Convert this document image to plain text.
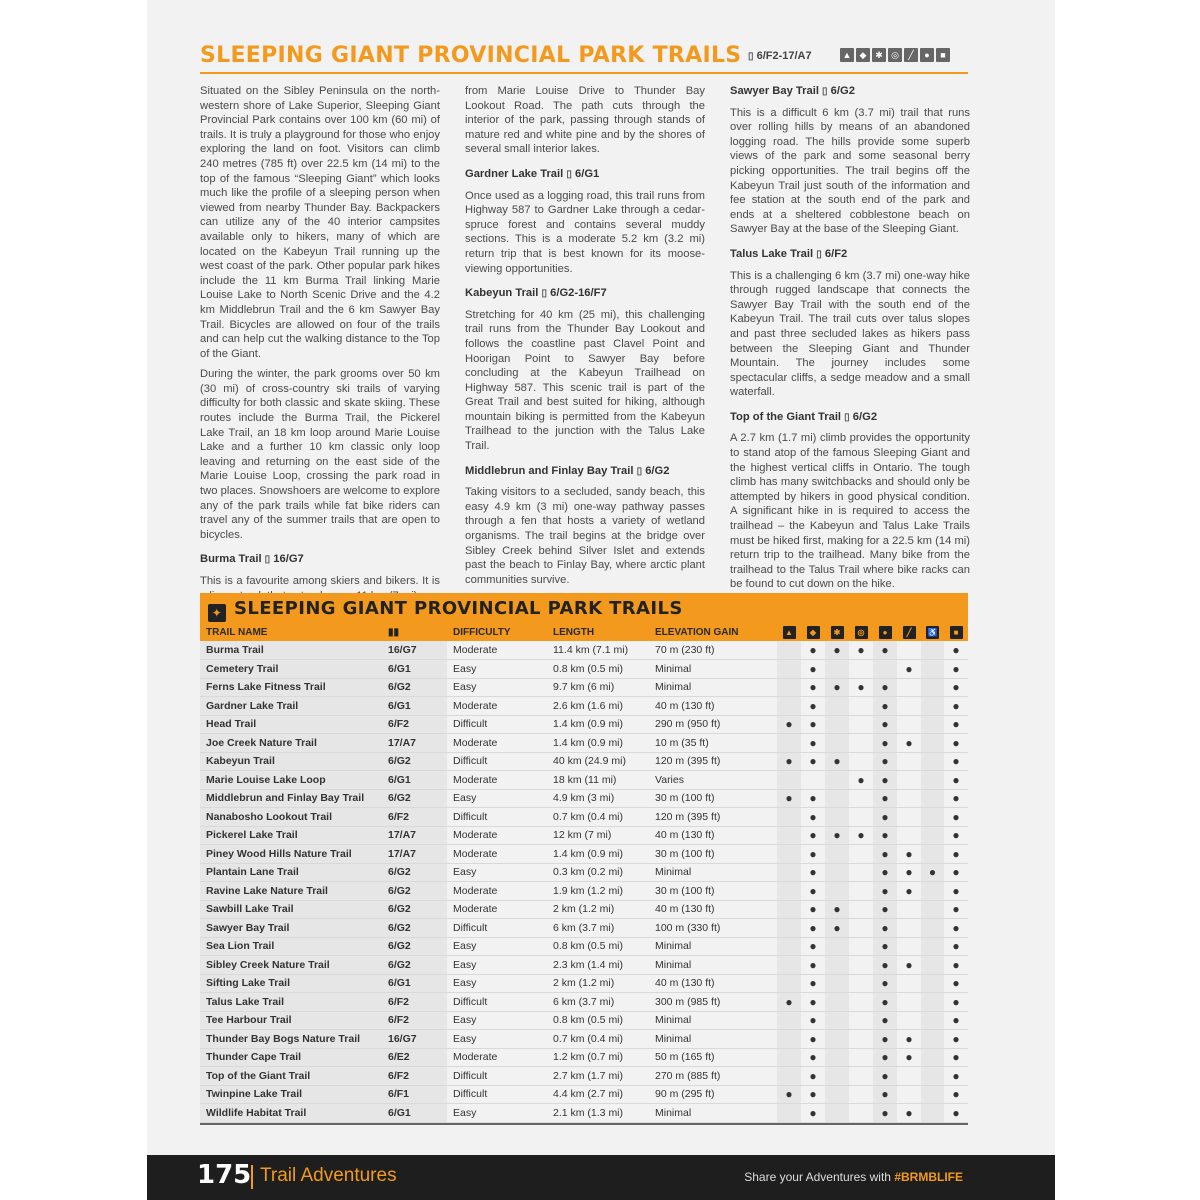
SLEEPING GIANT PROVINCIAL PARK TRAILS ▯ 6/F2-17/A7	▲ ◆ ✱ ◎	╱	●	■

Situated on the Sibley Peninsula on the north-western shore of Lake Superior, Sleeping Giant Provincial Park contains over 100 km (60 mi) of trails. It is truly a playground for those who enjoy exploring the land on foot. Visitors can climb 240 metres (785 ft) over 22.5 km (14 mi) to the top of the famous “Sleeping Giant” which looks much like the profile of a sleeping person when viewed from nearby Thunder Bay. Backpackers can utilize any of the 40 interior campsites available only to hikers, many of which are located on the Kabeyun Trail running up the west coast of the park. Other popular park hikes include the 11 km Burma Trail linking Marie Louise Lake to North Scenic Drive and the 4.2 km Middlebrun Trail and the 6 km Sawyer Bay Trail. Bicycles are allowed on four of the trails and can help cut the walking distance to the Top of the Giant.

During the winter, the park grooms over 50 km (30 mi) of cross-country ski trails of varying difficulty for both classic and skate skiing. These routes include the Burma Trail, the Pickerel Lake Trail, an 18 km loop around Marie Louise Lake and a further 10 km classic only loop leaving and returning on the east side of the Marie Louise Loop, crossing the park road in two places. Snowshoers are welcome to explore any of the park trails while fat bike riders can travel any of the summer trails that are open to bicycles.

Burma Trail ▯ 16/G7

This is a favourite among skiers and bikers. It is

from Marie Louise Drive to Thunder Bay Lookout Road. The path cuts through the interior of the park, passing through stands of mature red and white pine and by the shores of several small interior lakes.

Gardner Lake Trail ▯ 6/G1

Once used as a logging road, this trail runs from Highway 587 to Gardner Lake through a cedar-spruce forest and contains several muddy sections. This is a moderate 5.2 km (3.2 mi) return trip that is best known for its moose-viewing opportunities.

Kabeyun Trail ▯ 6/G2-16/F7

Stretching for 40 km (25 mi), this challenging trail runs from the Thunder Bay Lookout and follows the coastline past Clavel Point and Hoorigan Point to Sawyer Bay before concluding at the Kabeyun Trailhead on Highway 587. This scenic trail is part of the Great Trail and best suited for hiking, although mountain biking is permitted from the Kabeyun Trailhead to the junction with the Talus Lake Trail.

Middlebrun and Finlay Bay Trail ▯ 6/G2

Taking visitors to a secluded, sandy beach, this easy 4.9 km (3 mi) one-way pathway passes through a fen that hosts a variety of wetland organisms. The trail begins at the bridge over Sibley Creek behind Silver Islet and extends past the beach to Finlay Bay, where arctic plant communities survive.

Sawyer Bay Trail ▯ 6/G2

This is a difficult 6 km (3.7 mi) trail that runs over rolling hills by means of an abandoned logging road. The hills provide some superb views of the park and some seasonal berry picking opportunities. The trail begins off the Kabeyun Trail just south of the information and fee station at the south end of the park and ends at a sheltered cobblestone beach on Sawyer Bay at the base of the Sleeping Giant.

Talus Lake Trail ▯ 6/F2

This is a challenging 6 km (3.7 mi) one-way hike through rugged landscape that connects the Sawyer Bay Trail with the south end of the Kabeyun Trail. The trail cuts over talus slopes and past three secluded lakes as hikers pass between the Sleeping Giant and Thunder Mountain. The journey includes some spectacular cliffs, a sedge meadow and a small waterfall.

Top of the Giant Trail ▯ 6/G2

A 2.7 km (1.7 mi) climb provides the opportunity to stand atop of the famous Sleeping Giant and the highest vertical cliffs in Ontario. The tough climb has many switchbacks and should only be attempted by hikers in good physical condition. A significant hike in is required to access the trailhead – the Kabeyun and Talus Lake Trails must be hiked first, making for a 22.5 km (14 mi) return trip to the trailhead. Many bike from the trailhead to the Talus Trail where bike racks can be found to cut down on the hike.

✦ SLEEPING GIANT PROVINCIAL PARK TRAILS
TRAIL NAME	▮▮	DIFFICULTY	LENGTH	ELEVATION GAIN	▲	◆	✱	◎	●	╱	♿	■
Burma Trail	16/G7	Moderate	11.4 km (7.1 mi)	70 m (230 ft)		●	●	●	●			●
Cemetery Trail	6/G1	Easy	0.8 km (0.5 mi)	Minimal		●				●		●
Ferns Lake Fitness Trail	6/G2	Easy	9.7 km (6 mi)	Minimal		●	●	●	●			●
Gardner Lake Trail	6/G1	Moderate	2.6 km (1.6 mi)	40 m (130 ft)		●			●			●
Head Trail	6/F2	Difficult	1.4 km (0.9 mi)	290 m (950 ft)	●	●			●			●
Joe Creek Nature Trail	17/A7	Moderate	1.4 km (0.9 mi)	10 m (35 ft)		●			●	●		●
Kabeyun Trail	6/G2	Difficult	40 km (24.9 mi)	120 m (395 ft)	●	●	●		●			●
Marie Louise Lake Loop	6/G1	Moderate	18 km (11 mi)	Varies				●	●			●
Middlebrun and Finlay Bay Trail	6/G2	Easy	4.9 km (3 mi)	30 m (100 ft)	●	●			●			●
Nanabosho Lookout Trail	6/F2	Difficult	0.7 km (0.4 mi)	120 m (395 ft)		●			●			●
Pickerel Lake Trail	17/A7	Moderate	12 km (7 mi)	40 m (130 ft)		●	●	●	●			●
Piney Wood Hills Nature Trail	17/A7	Moderate	1.4 km (0.9 mi)	30 m (100 ft)		●			●	●		●
Plantain Lane Trail	6/G2	Easy	0.3 km (0.2 mi)	Minimal		●			●	●	●	●
Ravine Lake Nature Trail	6/G2	Moderate	1.9 km (1.2 mi)	30 m (100 ft)		●			●	●		●
Sawbill Lake Trail	6/G2	Moderate	2 km (1.2 mi)	40 m (130 ft)		●	●		●			●
Sawyer Bay Trail	6/G2	Difficult	6 km (3.7 mi)	100 m (330 ft)		●	●		●			●
Sea Lion Trail	6/G2	Easy	0.8 km (0.5 mi)	Minimal		●			●			●
Sibley Creek Nature Trail	6/G2	Easy	2.3 km (1.4 mi)	Minimal		●			●	●		●
Sifting Lake Trail	6/G1	Easy	2 km (1.2 mi)	40 m (130 ft)		●			●			●
Talus Lake Trail	6/F2	Difficult	6 km (3.7 mi)	300 m (985 ft)	●	●			●			●
Tee Harbour Trail	6/F2	Easy	0.8 km (0.5 mi)	Minimal		●			●			●
Thunder Bay Bogs Nature Trail	16/G7	Easy	0.7 km (0.4 mi)	Minimal		●			●	●		●
Thunder Cape Trail	6/E2	Moderate	1.2 km (0.7 mi)	50 m (165 ft)		●			●	●		●
Top of the Giant Trail	6/F2	Difficult	2.7 km (1.7 mi)	270 m (885 ft)		●			●			●
Twinpine Lake Trail	6/F1	Difficult	4.4 km (2.7 mi)	90 m (295 ft)	●	●			●			●
Wildlife Habitat Trail	6/G1	Easy	2.1 km (1.3 mi)	Minimal		●			●	●		●
175 Trail Adventures	Share your Adventures with #BRMBLIFE
